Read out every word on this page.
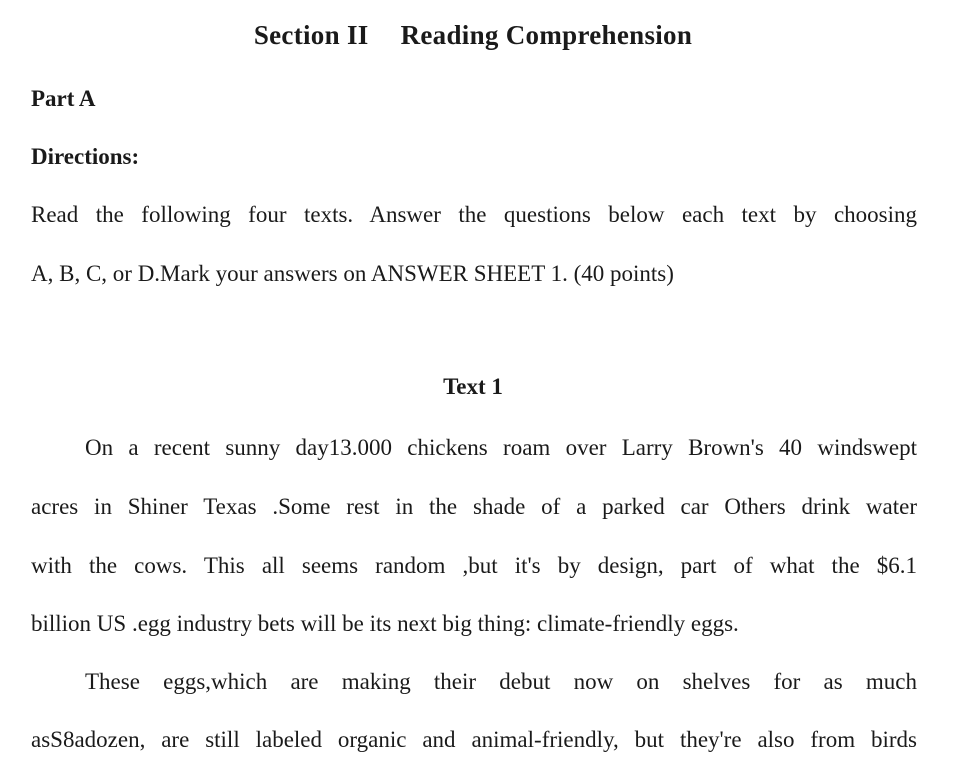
Section II Reading Comprehension
Part A
Directions:
Read the following four texts. Answer the questions below each text by choosing
A, B, C, or D.Mark your answers on ANSWER SHEET 1. (40 points)
Text 1
On a recent sunny day13.000 chickens roam over Larry Brown's 40 windswept
acres in Shiner Texas .Some rest in the shade of a parked car Others drink water
with the cows. This all seems random ,but it's by design, part of what the $6.1
billion US .egg industry bets will be its next big thing: climate-friendly eggs.
These eggs,which are making their debut now on shelves for as much
asS8adozen, are still labeled organic and animal-friendly, but they're also from birds
